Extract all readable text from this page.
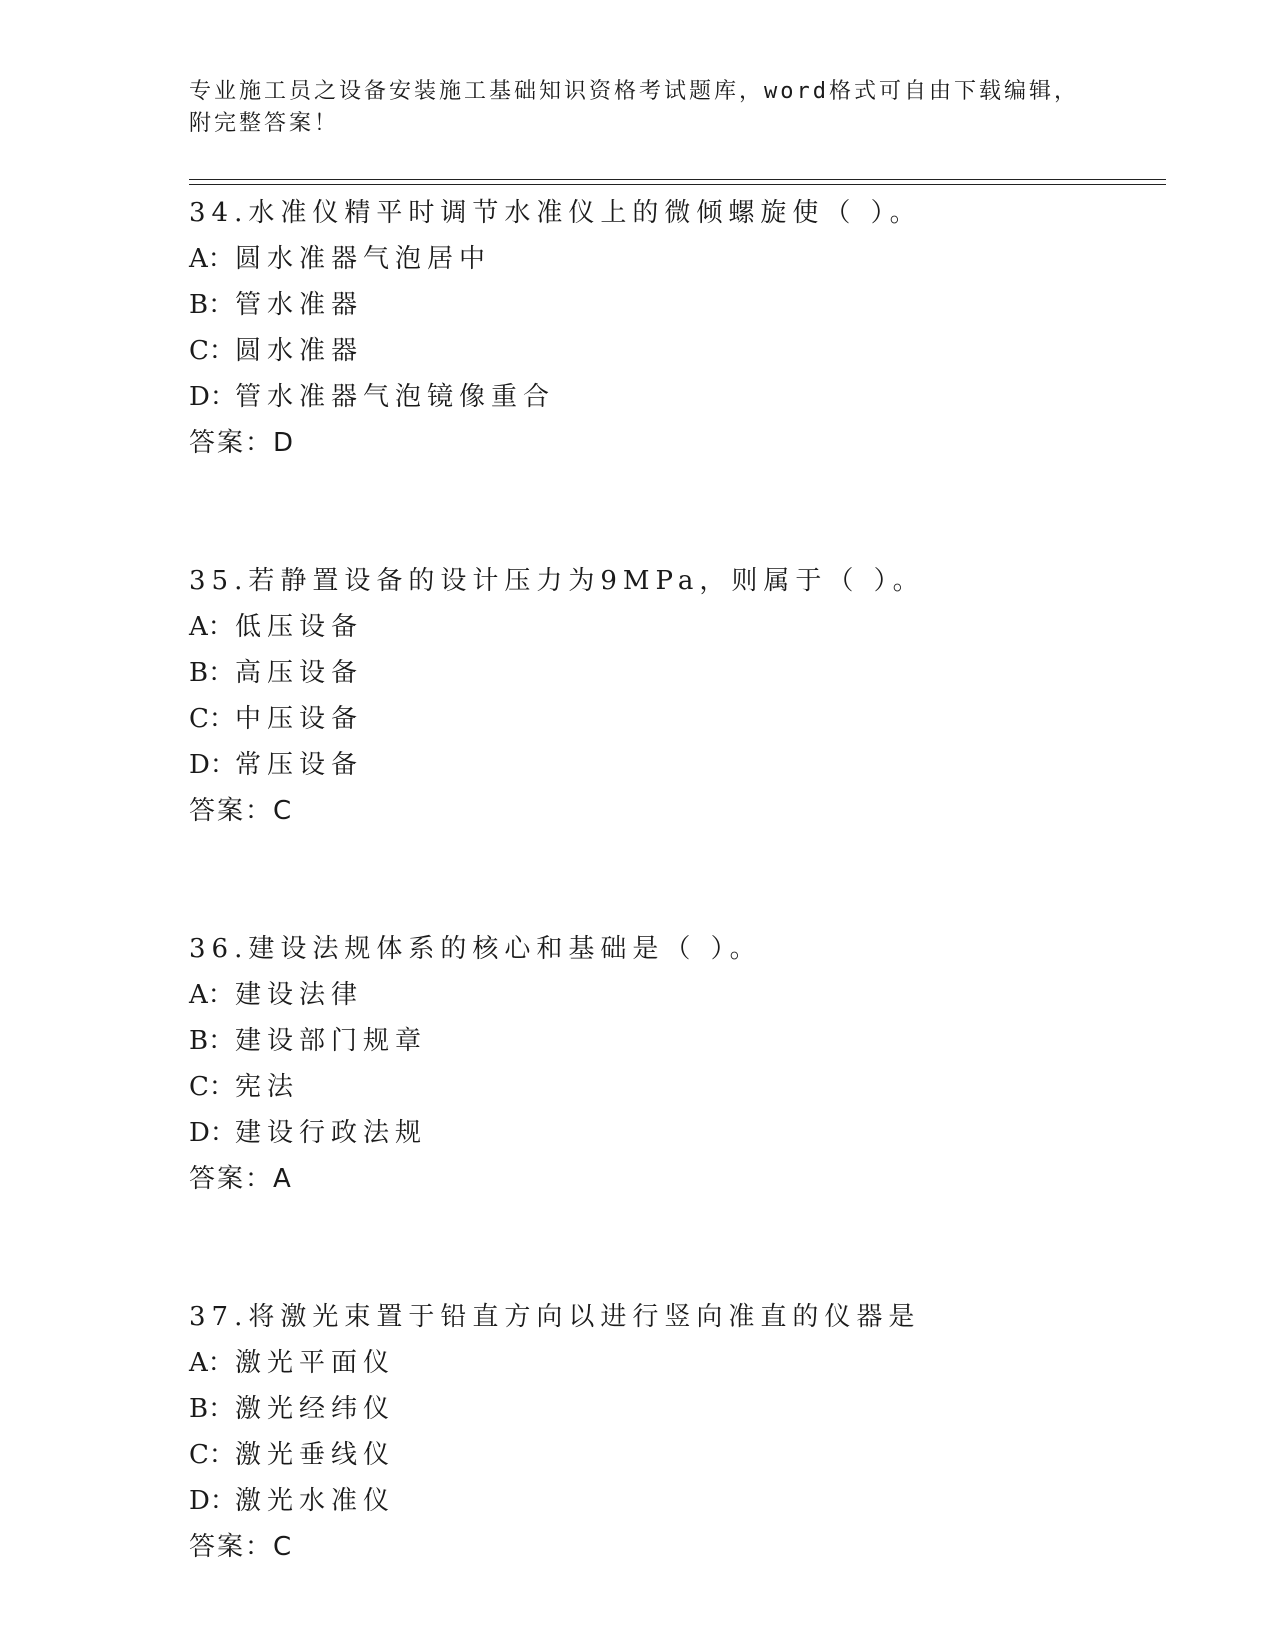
专业施工员之设备安装施工基础知识资格考试题库，word格式可自由下载编辑，
附完整答案！
34.水准仪精平时调节水准仪上的微倾螺旋使（ ）。
A：圆水准器气泡居中
B：管水准器
C：圆水准器
D：管水准器气泡镜像重合
答案：D
35.若静置设备的设计压力为9MPa，则属于（ ）。
A：低压设备
B：高压设备
C：中压设备
D：常压设备
答案：C
36.建设法规体系的核心和基础是（ ）。
A：建设法律
B：建设部门规章
C：宪法
D：建设行政法规
答案：A
37.将激光束置于铅直方向以进行竖向准直的仪器是
A：激光平面仪
B：激光经纬仪
C：激光垂线仪
D：激光水准仪
答案：C
